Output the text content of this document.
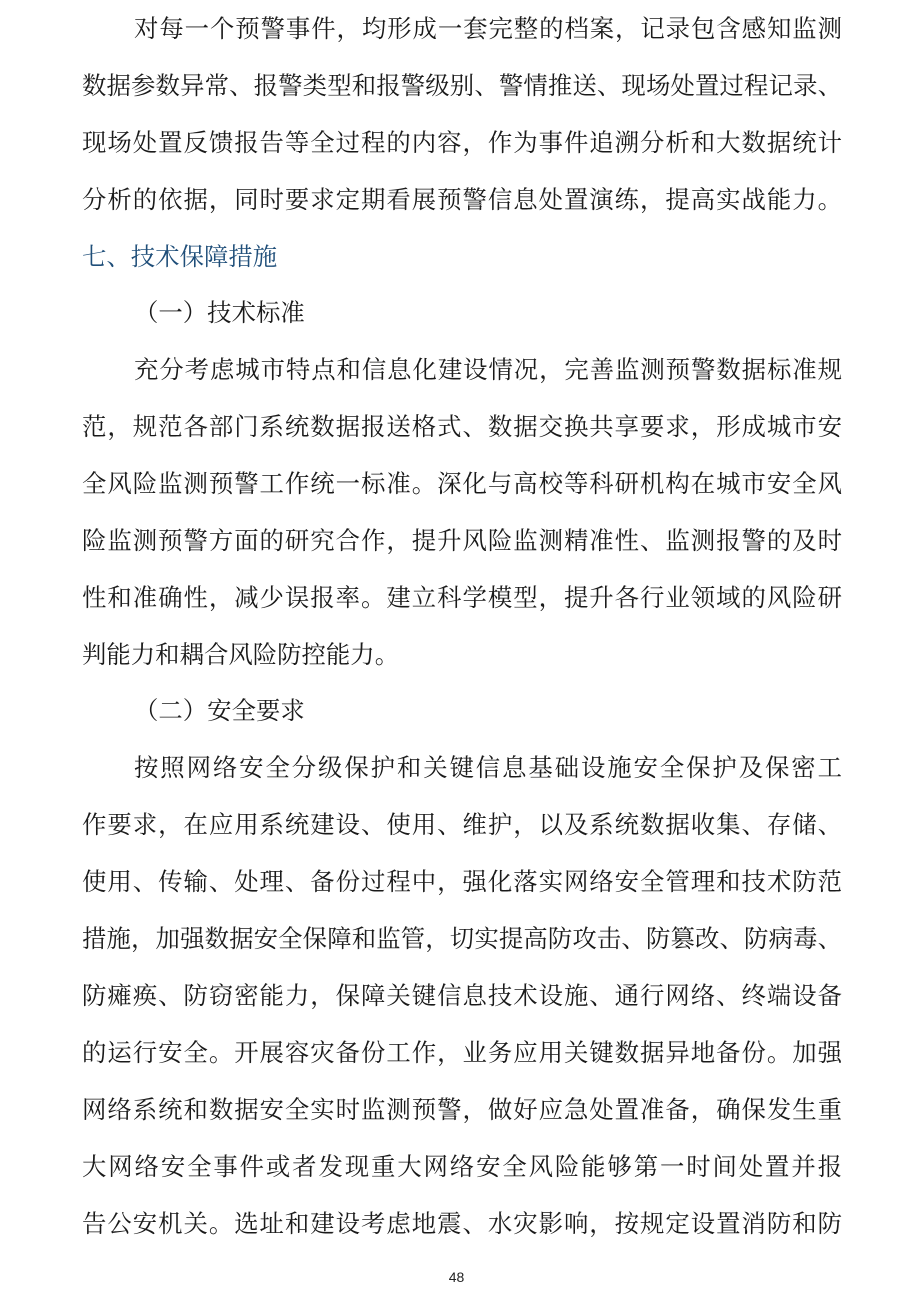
对每一个预警事件，均形成一套完整的档案，记录包含感知监测
数据参数异常、报警类型和报警级别、警情推送、现场处置过程记录、
现场处置反馈报告等全过程的内容，作为事件追溯分析和大数据统计
分析的依据，同时要求定期看展预警信息处置演练，提高实战能力。
七、技术保障措施
（一）技术标准
充分考虑城市特点和信息化建设情况，完善监测预警数据标准规
范，规范各部门系统数据报送格式、数据交换共享要求，形成城市安
全风险监测预警工作统一标准。深化与高校等科研机构在城市安全风
险监测预警方面的研究合作，提升风险监测精准性、监测报警的及时
性和准确性，减少误报率。建立科学模型，提升各行业领域的风险研
判能力和耦合风险防控能力。
（二）安全要求
按照网络安全分级保护和关键信息基础设施安全保护及保密工
作要求，在应用系统建设、使用、维护，以及系统数据收集、存储、
使用、传输、处理、备份过程中，强化落实网络安全管理和技术防范
措施，加强数据安全保障和监管，切实提高防攻击、防篡改、防病毒、
防瘫痪、防窃密能力，保障关键信息技术设施、通行网络、终端设备
的运行安全。开展容灾备份工作，业务应用关键数据异地备份。加强
网络系统和数据安全实时监测预警，做好应急处置准备，确保发生重
大网络安全事件或者发现重大网络安全风险能够第一时间处置并报
告公安机关。选址和建设考虑地震、水灾影响，按规定设置消防和防
48
